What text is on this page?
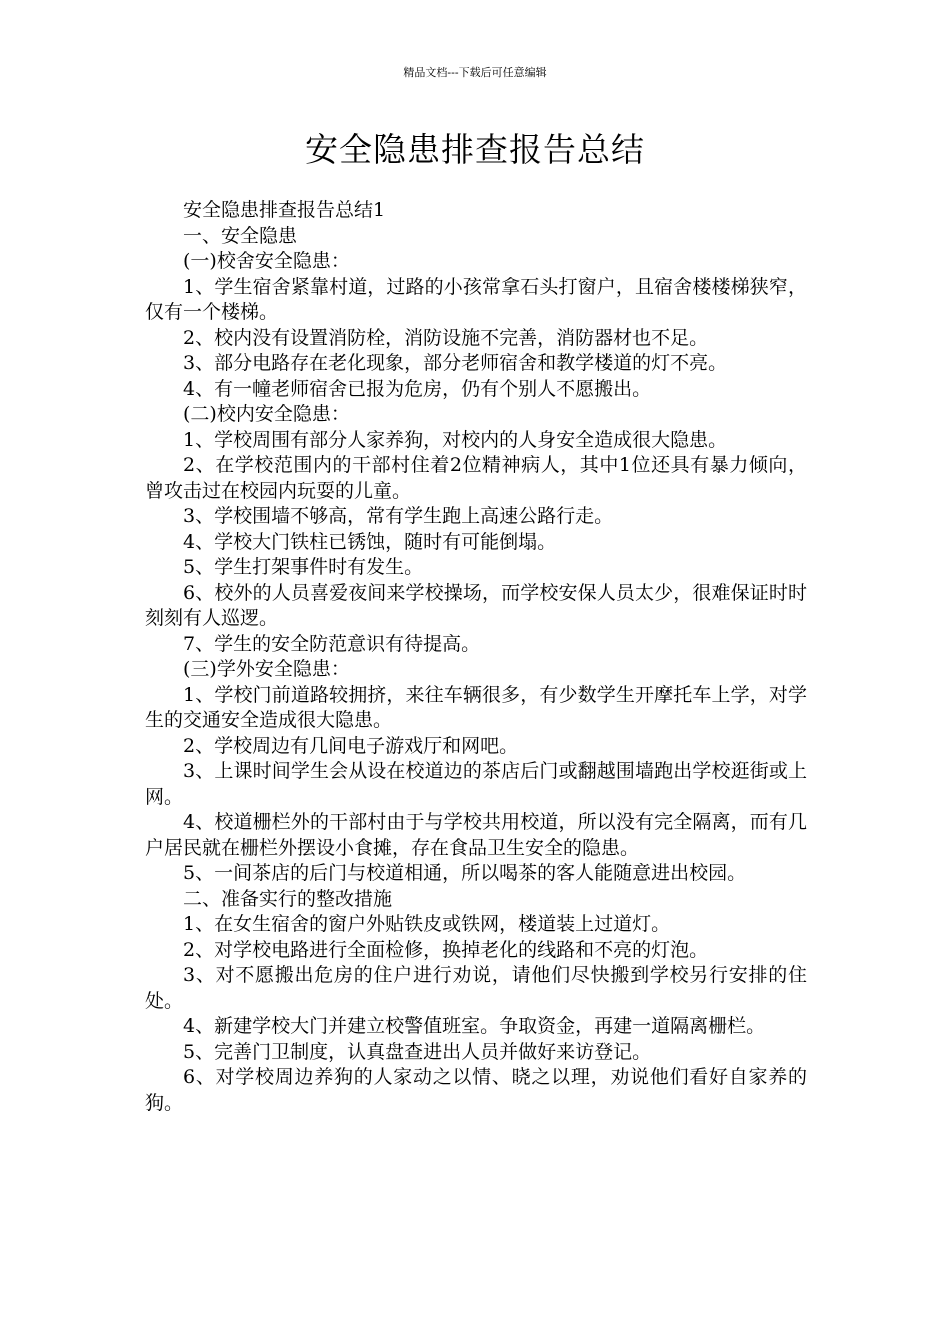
精品文档---下载后可任意编辑
安全隐患排查报告总结

安全隐患排查报告总结1

一、安全隐患

(一)校舍安全隐患：

1、学生宿舍紧靠村道，过路的小孩常拿石头打窗户，且宿舍楼楼梯狭窄，仅有一个楼梯。

2、校内没有设置消防栓，消防设施不完善，消防器材也不足。

3、部分电路存在老化现象，部分老师宿舍和教学楼道的灯不亮。

4、有一幢老师宿舍已报为危房，仍有个别人不愿搬出。

(二)校内安全隐患：

1、学校周围有部分人家养狗，对校内的人身安全造成很大隐患。

2、在学校范围内的干部村住着2位精神病人，其中1位还具有暴力倾向，曾攻击过在校园内玩耍的儿童。

3、学校围墙不够高，常有学生跑上高速公路行走。

4、学校大门铁柱已锈蚀，随时有可能倒塌。

5、学生打架事件时有发生。

6、校外的人员喜爱夜间来学校操场，而学校安保人员太少，很难保证时时刻刻有人巡逻。

7、学生的安全防范意识有待提高。

(三)学外安全隐患：

1、学校门前道路较拥挤，来往车辆很多，有少数学生开摩托车上学，对学生的交通安全造成很大隐患。

2、学校周边有几间电子游戏厅和网吧。

3、上课时间学生会从设在校道边的茶店后门或翻越围墙跑出学校逛街或上网。

4、校道栅栏外的干部村由于与学校共用校道，所以没有完全隔离，而有几户居民就在栅栏外摆设小食摊，存在食品卫生安全的隐患。

5、一间茶店的后门与校道相通，所以喝茶的客人能随意进出校园。

二、准备实行的整改措施

1、在女生宿舍的窗户外贴铁皮或铁网，楼道装上过道灯。

2、对学校电路进行全面检修，换掉老化的线路和不亮的灯泡。

3、对不愿搬出危房的住户进行劝说，请他们尽快搬到学校另行安排的住处。

4、新建学校大门并建立校警值班室。争取资金，再建一道隔离栅栏。

5、完善门卫制度，认真盘查进出人员并做好来访登记。

6、对学校周边养狗的人家动之以情、晓之以理，劝说他们看好自家养的狗。
